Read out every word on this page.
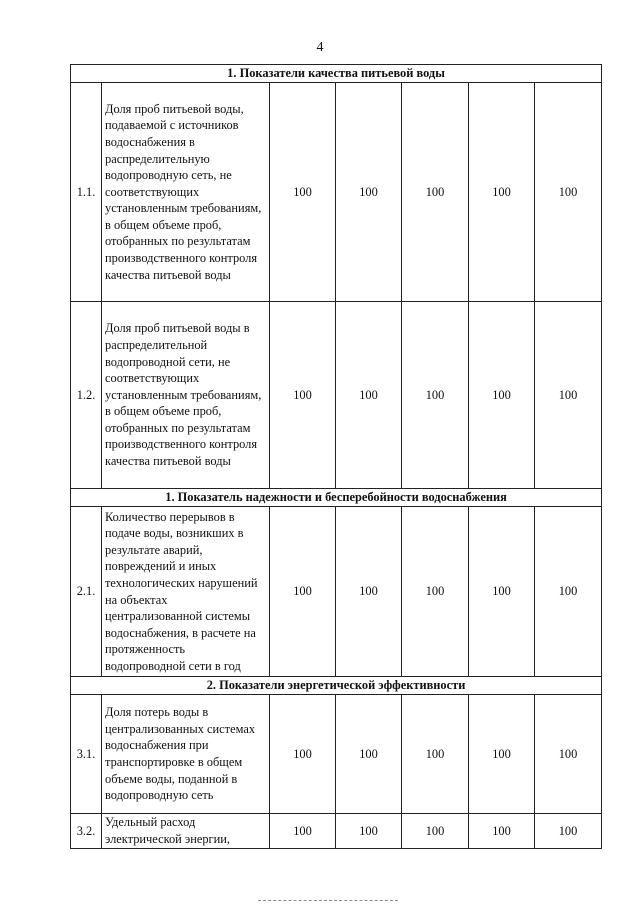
4
1. Показатели качества питьевой воды						
1.1.	Доля проб питьевой воды, подаваемой с источников водоснабжения в распределительную водопроводную сеть, не соответствующих установленным требованиям, в общем объеме проб, отобранных по результатам производственного контроля качества питьевой воды	100	100	100	100	100
1.2.	Доля проб питьевой воды в распределительной водопроводной сети, не соответствующих установленным требованиям, в общем объеме проб, отобранных по результатам производственного контроля качества питьевой воды	100	100	100	100	100
1. Показатель надежности и бесперебойности водоснабжения						
2.1.	Количество перерывов в подаче воды, возникших в результате аварий, повреждений и иных технологических нарушений на объектах централизованной системы водоснабжения, в расчете на протяженность водопроводной сети в год	100	100	100	100	100
2. Показатели энергетической эффективности						
3.1.	Доля потерь воды в централизованных системах водоснабжения при транспортировке в общем объеме воды, поданной в водопроводную сеть	100	100	100	100	100
3.2.	Удельный расход электрической энергии,	100	100	100	100	100
